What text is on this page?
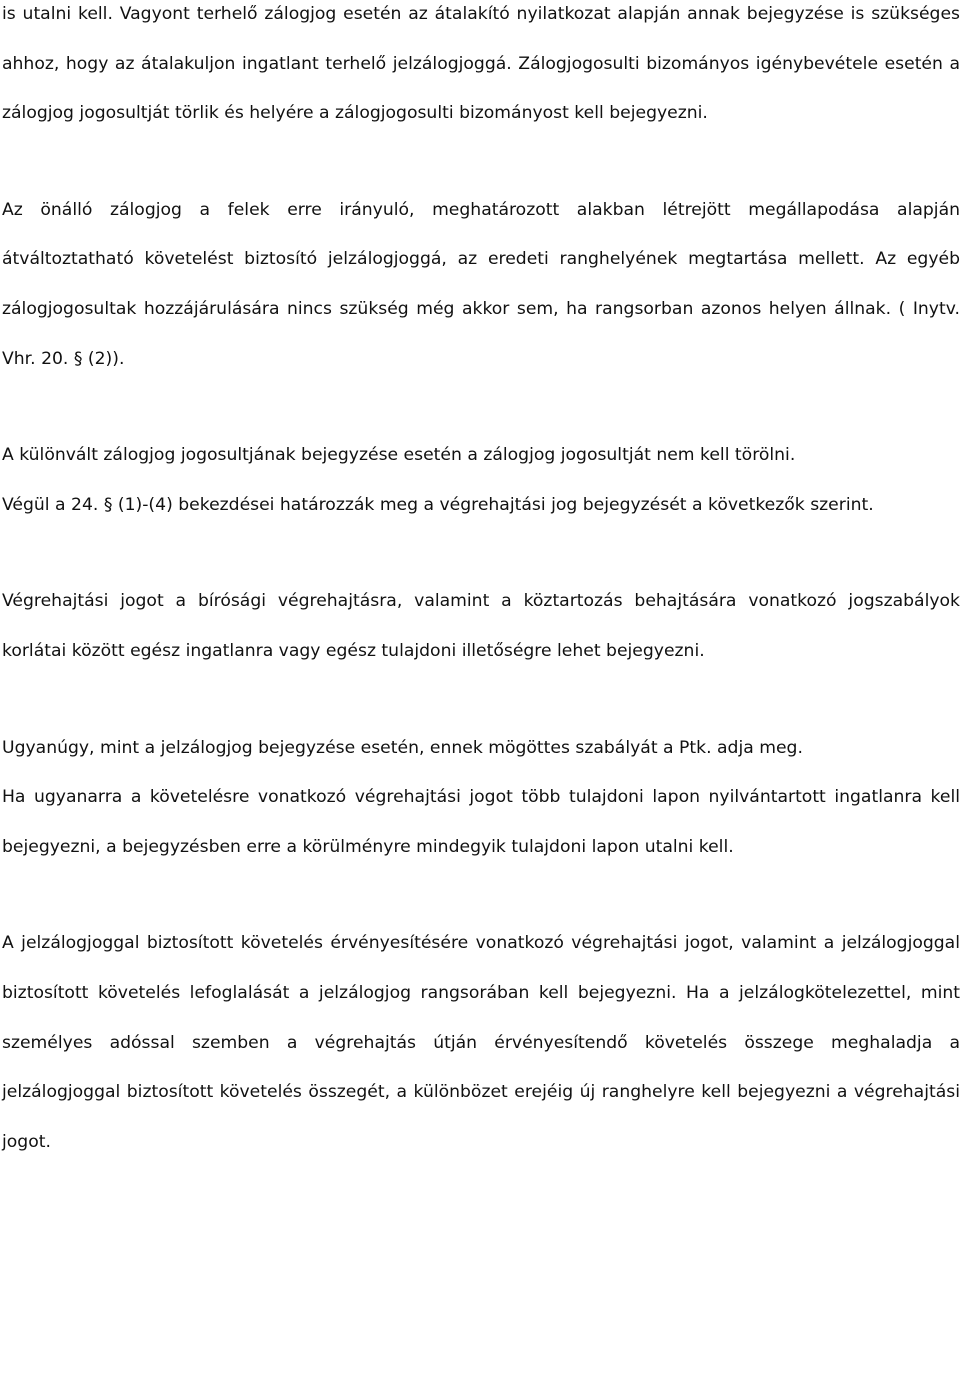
is utalni kell. Vagyont terhelő zálogjog esetén az átalakító nyilatkozat alapján annak bejegyzése is szükséges ahhoz, hogy az átalakuljon ingatlant terhelő jelzálogjoggá. Zálogjogosulti bizományos igénybevétele esetén a zálogjog jogosultját törlik és helyére a zálogjogosulti bizományost kell bejegyezni.

Az önálló zálogjog a felek erre irányuló, meghatározott alakban létrejött megállapodása alapján átváltoztatható követelést biztosító jelzálogjoggá, az eredeti ranghelyének megtartása mellett. Az egyéb zálogjogosultak hozzájárulására nincs szükség még akkor sem, ha rangsorban azonos helyen állnak. ( Inytv. Vhr. 20. § (2)).

A különvált zálogjog jogosultjának bejegyzése esetén a zálogjog jogosultját nem kell törölni.

Végül a 24. § (1)-(4) bekezdései határozzák meg a végrehajtási jog bejegyzését a következők szerint.

Végrehajtási jogot a bírósági végrehajtásra, valamint a köztartozás behajtására vonatkozó jogszabályok korlátai között egész ingatlanra vagy egész tulajdoni illetőségre lehet bejegyezni.

Ugyanúgy, mint a jelzálogjog bejegyzése esetén, ennek mögöttes szabályát a Ptk. adja meg.

Ha ugyanarra a követelésre vonatkozó végrehajtási jogot több tulajdoni lapon nyilvántartott ingatlanra kell bejegyezni, a bejegyzésben erre a körülményre mindegyik tulajdoni lapon utalni kell.

A jelzálogjoggal biztosított követelés érvényesítésére vonatkozó végrehajtási jogot, valamint a jelzálogjoggal biztosított követelés lefoglalását a jelzálogjog rangsorában kell bejegyezni. Ha a jelzálogkötelezettel, mint személyes adóssal szemben a végrehajtás útján érvényesítendő követelés összege meghaladja a jelzálogjoggal biztosított követelés összegét, a különbözet erejéig új ranghelyre kell bejegyezni a végrehajtási jogot.
